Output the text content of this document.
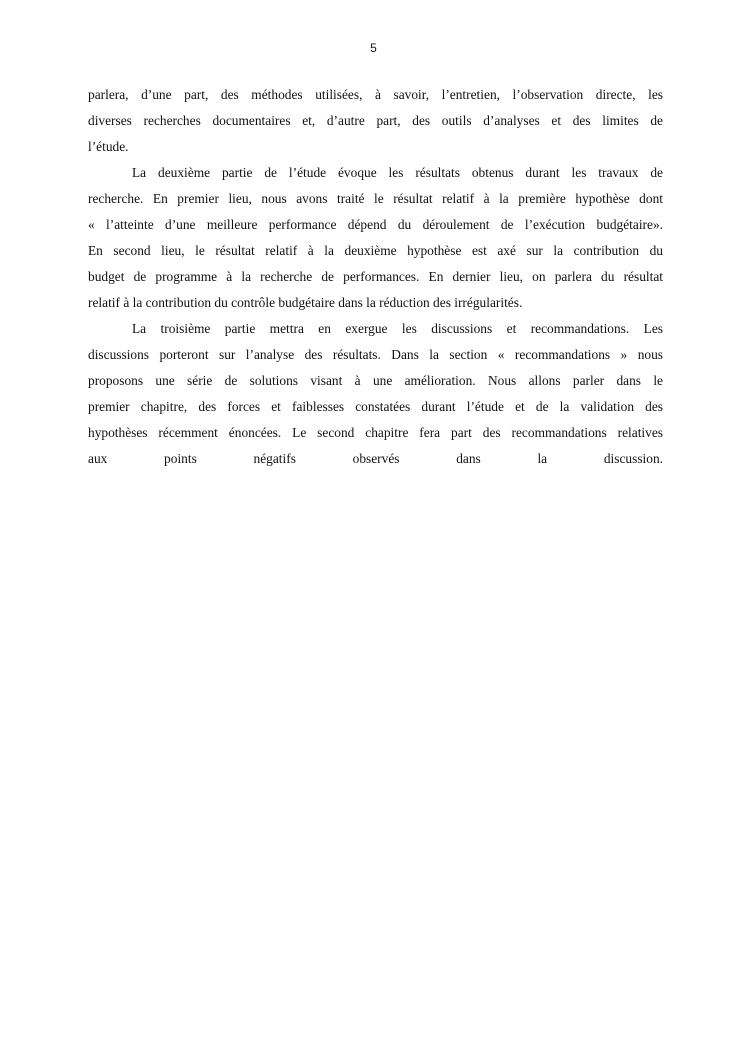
5
parlera, d’une part, des méthodes utilisées, à savoir, l’entretien, l’observation directe, les
diverses recherches documentaires et, d’autre part, des outils d’analyses et des limites de
l’étude.
La deuxième partie de l’étude évoque les résultats obtenus durant les travaux de
recherche. En premier lieu, nous avons traité le résultat relatif à la première hypothèse dont
« l’atteinte d’une meilleure performance dépend du déroulement de l’exécution budgétaire».
En second lieu, le résultat relatif à la deuxième hypothèse est axé sur la contribution du
budget de programme à la recherche de performances. En dernier lieu, on parlera du résultat
relatif à la contribution du contrôle budgétaire dans la réduction des irrégularités.
La troisième partie mettra en exergue les discussions et recommandations. Les
discussions porteront sur l’analyse des résultats. Dans la section « recommandations » nous
proposons une série de solutions visant à une amélioration. Nous allons parler dans le
premier chapitre, des forces et faiblesses constatées durant l’étude et de la validation des
hypothèses récemment énoncées. Le second chapitre fera part des recommandations relatives
aux points négatifs observés dans la discussion.
